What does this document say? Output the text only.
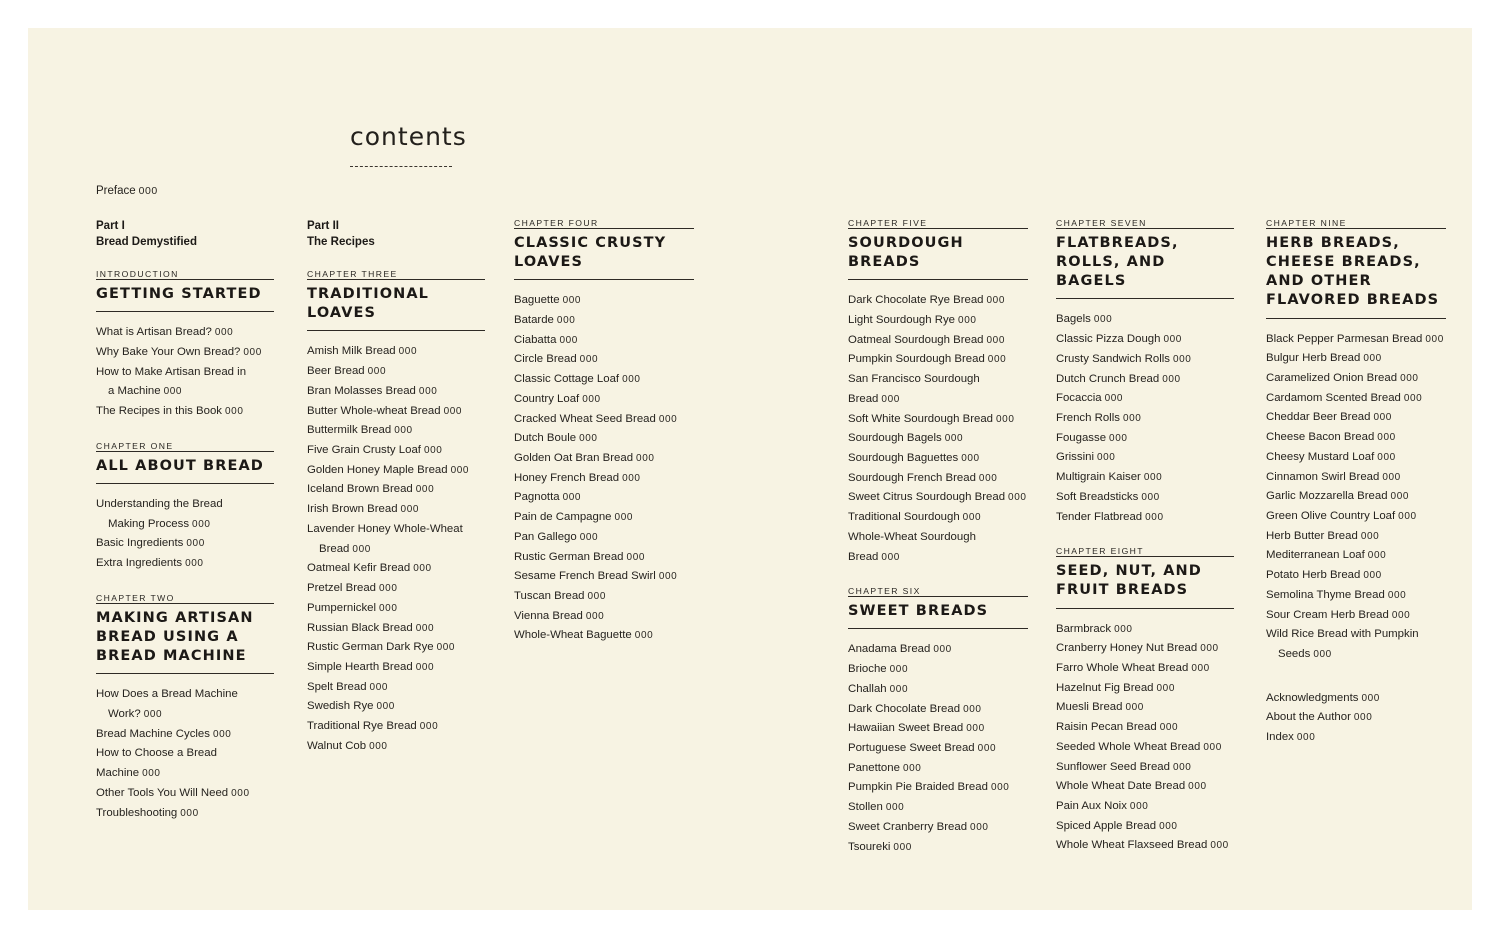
contents
Preface 000
Part I
Bread Demystified
INTRODUCTION
GETTING STARTED
What is Artisan Bread? 000
Why Bake Your Own Bread? 000
How to Make Artisan Bread in
a Machine 000
The Recipes in this Book 000
CHAPTER ONE
ALL ABOUT BREAD
Understanding the Bread
Making Process 000
Basic Ingredients 000
Extra Ingredients 000
CHAPTER TWO
MAKING ARTISAN
BREAD USING A
BREAD MACHINE
How Does a Bread Machine
Work? 000
Bread Machine Cycles 000
How to Choose a Bread Machine 000
Other Tools You Will Need 000
Troubleshooting 000
Part II
The Recipes
CHAPTER THREE
TRADITIONAL
LOAVES
Amish Milk Bread 000
Beer Bread 000
Bran Molasses Bread 000
Butter Whole-wheat Bread 000
Buttermilk Bread 000
Five Grain Crusty Loaf 000
Golden Honey Maple Bread 000
Iceland Brown Bread 000
Irish Brown Bread 000
Lavender Honey Whole-Wheat
Bread 000
Oatmeal Kefir Bread 000
Pretzel Bread 000
Pumpernickel 000
Russian Black Bread 000
Rustic German Dark Rye 000
Simple Hearth Bread 000
Spelt Bread 000
Swedish Rye 000
Traditional Rye Bread 000
Walnut Cob 000
CHAPTER FOUR
CLASSIC CRUSTY
LOAVES
Baguette 000
Batarde 000
Ciabatta 000
Circle Bread 000
Classic Cottage Loaf 000
Country Loaf 000
Cracked Wheat Seed Bread 000
Dutch Boule 000
Golden Oat Bran Bread 000
Honey French Bread 000
Pagnotta 000
Pain de Campagne 000
Pan Gallego 000
Rustic German Bread 000
Sesame French Bread Swirl 000
Tuscan Bread 000
Vienna Bread 000
Whole-Wheat Baguette 000
CHAPTER FIVE
SOURDOUGH BREADS
Dark Chocolate Rye Bread 000
Light Sourdough Rye 000
Oatmeal Sourdough Bread 000
Pumpkin Sourdough Bread 000
San Francisco Sourdough Bread 000
Soft White Sourdough Bread 000
Sourdough Bagels 000
Sourdough Baguettes 000
Sourdough French Bread 000
Sweet Citrus Sourdough Bread 000
Traditional Sourdough 000
Whole-Wheat Sourdough Bread 000
CHAPTER SIX
SWEET BREADS
Anadama Bread 000
Brioche 000
Challah 000
Dark Chocolate Bread 000
Hawaiian Sweet Bread 000
Portuguese Sweet Bread 000
Panettone 000
Pumpkin Pie Braided Bread 000
Stollen 000
Sweet Cranberry Bread 000
Tsoureki 000
CHAPTER SEVEN
FLATBREADS,
ROLLS, AND BAGELS
Bagels 000
Classic Pizza Dough 000
Crusty Sandwich Rolls 000
Dutch Crunch Bread 000
Focaccia 000
French Rolls 000
Fougasse 000
Grissini 000
Multigrain Kaiser 000
Soft Breadsticks 000
Tender Flatbread 000
CHAPTER EIGHT
SEED, NUT, AND
FRUIT BREADS
Barmbrack 000
Cranberry Honey Nut Bread 000
Farro Whole Wheat Bread 000
Hazelnut Fig Bread 000
Muesli Bread 000
Raisin Pecan Bread 000
Seeded Whole Wheat Bread 000
Sunflower Seed Bread 000
Whole Wheat Date Bread 000
Pain Aux Noix 000
Spiced Apple Bread 000
Whole Wheat Flaxseed Bread 000
CHAPTER NINE
HERB BREADS,
CHEESE BREADS,
AND OTHER
FLAVORED BREADS
Black Pepper Parmesan Bread 000
Bulgur Herb Bread 000
Caramelized Onion Bread 000
Cardamom Scented Bread 000
Cheddar Beer Bread 000
Cheese Bacon Bread 000
Cheesy Mustard Loaf 000
Cinnamon Swirl Bread 000
Garlic Mozzarella Bread 000
Green Olive Country Loaf 000
Herb Butter Bread 000
Mediterranean Loaf 000
Potato Herb Bread 000
Semolina Thyme Bread 000
Sour Cream Herb Bread 000
Wild Rice Bread with Pumpkin
Seeds 000
Acknowledgments 000
About the Author 000
Index 000
